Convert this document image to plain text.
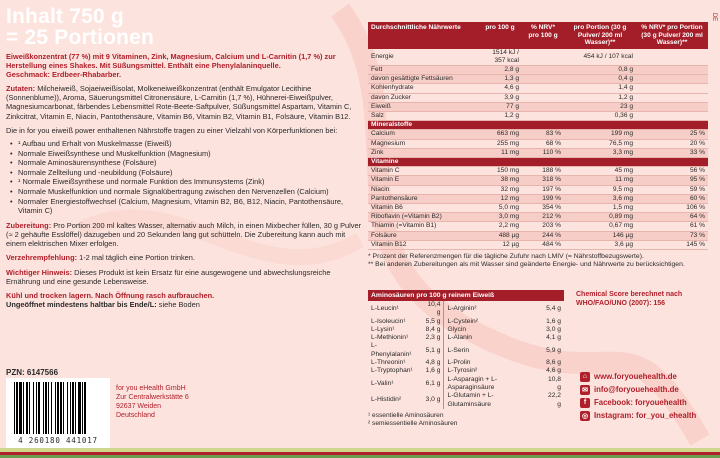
Inhalt 750 g
= 25 Portionen
Eiweißkonzentrat (77 %) mit 9 Vitaminen, Zink, Magnesium, Calcium und L-Carnitin (1,7 %) zur Herstellung eines Shakes. Mit Süßungsmittel. Enthält eine Phenylalaninquelle.
Geschmack: Erdbeer-Rhabarber.
Zutaten: Milcheiweiß, Sojaeiweißisolat, Molkeneiweißkonzentrat (enthält Emulgator Lecithine (Sonnenblume)), Aroma, Säuerungsmittel Citronensäure, L-Carnitin (1,7 %), Hühnerei-Eiweißpulver, Magnesiumcarbonat, färbendes Lebensmittel Rote-Beete-Saftpulver, Süßungsmittel Aspartam, Vitamin C, Zinkcitrat, Vitamin E, Niacin, Pantothensäure, Vitamin B6, Vitamin B2, Vitamin B1, Folsäure, Vitamin B12.
Die in for you eiweiß power enthaltenen Nährstoffe tragen zu einer Vielzahl von Körperfunktionen bei:
• ¹ Aufbau und Erhalt von Muskelmasse (Eiweiß)
• Normale Eiweißsynthese und Muskelfunktion (Magnesium)
• Normale Aminosäurensynthese (Folsäure)
• Normale Zellteilung und -neubildung (Folsäure)
• ¹ Normale Eiweißsynthese und normale Funktion des Immunsystems (Zink)
• Normale Muskelfunktion und normale Signalübertragung zwischen den Nervenzellen (Calcium)
• Normaler Energiestoffwechsel (Calcium, Magnesium, Vitamin B2, B6, B12, Niacin, Pantothensäure, Vitamin C)
Zubereitung: Pro Portion 200 ml kaltes Wasser, alternativ auch Milch, in einen Mixbecher füllen, 30 g Pulver (≈ 2 gehäufte Esslöffel) dazugeben und 20 Sekunden lang gut schütteln. Die Zubereitung kann auch mit einem elektrischen Mixer erfolgen.
Verzehrempfehlung: 1-2 mal täglich eine Portion trinken.
Wichtiger Hinweis: Dieses Produkt ist kein Ersatz für eine ausgewogene und abwechslungsreiche Ernährung und eine gesunde Lebensweise.
Kühl und trocken lagern. Nach Öffnung rasch aufbrauchen.
Ungeöffnet mindestens haltbar bis Ende/L: siehe Boden
PZN: 6147566
4 260180 441017
for you eHealth GmbH
Zur Centralwerkstätte 6
92637 Weiden
Deutschland
DE
Durchschnittliche Nährwerte	pro 100 g	% NRV* pro 100 g	pro Portion (30 g Pulver/ 200 ml Wasser)**	% NRV* pro Portion (30 g Pulver/ 200 ml Wasser)**
Energie	1514 kJ / 357 kcal		454 kJ / 107 kcal	
Fett	2,8 g		0,8 g	
davon gesättigte Fettsäuren	1,3 g		0,4 g	
Kohlenhydrate	4,6 g		1,4 g	
davon Zucker	3,9 g		1,2 g	
Eiweiß	77 g		23 g	
Salz	1,2 g		0,36 g	
Mineralstoffe				
Calcium	663 mg	83 %	199 mg	25 %
Magnesium	255 mg	68 %	76,5 mg	20 %
Zink	11 mg	110 %	3,3 mg	33 %
Vitamine				
Vitamin C	150 mg	188 %	45 mg	56 %
Vitamin E	38 mg	318 %	11 mg	95 %
Niacin	32 mg	197 %	9,5 mg	59 %
Pantothensäure	12 mg	199 %	3,6 mg	60 %
Vitamin B6	5,0 mg	354 %	1,5 mg	106 %
Riboflavin (=Vitamin B2)	3,0 mg	212 %	0,89 mg	64 %
Thiamin (=Vitamin B1)	2,2 mg	203 %	0,67 mg	61 %
Folsäure	488 µg	244 %	146 µg	73 %
Vitamin B12	12 µg	484 %	3,6 µg	145 %
* Prozent der Referenzmengen für die tägliche Zufuhr nach LMIV (= Nährstoffbezugswerte).
** Bei anderen Zubereitungen als mit Wasser sind geänderte Energie- und Nährwerte zu berücksichtigen.
Aminosäuren pro 100 g reinem Eiweiß			
L-Leucin¹	10,4 g	L-Arginin²	5,4 g
L-Isoleucin¹	5,5 g	L-Cystein²	1,6 g
L-Lysin¹	8,4 g	Glycin	3,0 g
L-Methionin¹	2,3 g	L-Alanin	4,1 g
L-Phenylalanin¹	5,1 g	L-Serin	5,9 g
L-Threonin¹	4,8 g	L-Prolin	8,6 g
L-Tryptophan¹	1,6 g	L-Tyrosin²	4,6 g
L-Valin¹	6,1 g	L-Asparagin + L-Asparaginsäure	10,8 g
L-Histidin²	3,0 g	L-Glutamin + L-Glutaminsäure	22,2 g
¹ essentielle Aminosäuren
² semiessentielle Aminosäuren
Chemical Score berechnet nach
WHO/FAO/UNO (2007): 156
⌂ www.foryouehealth.de
✉ info@foryouehealth.de
f	Facebook: foryouehealth
◎ Instagram: for_you_ehealth
